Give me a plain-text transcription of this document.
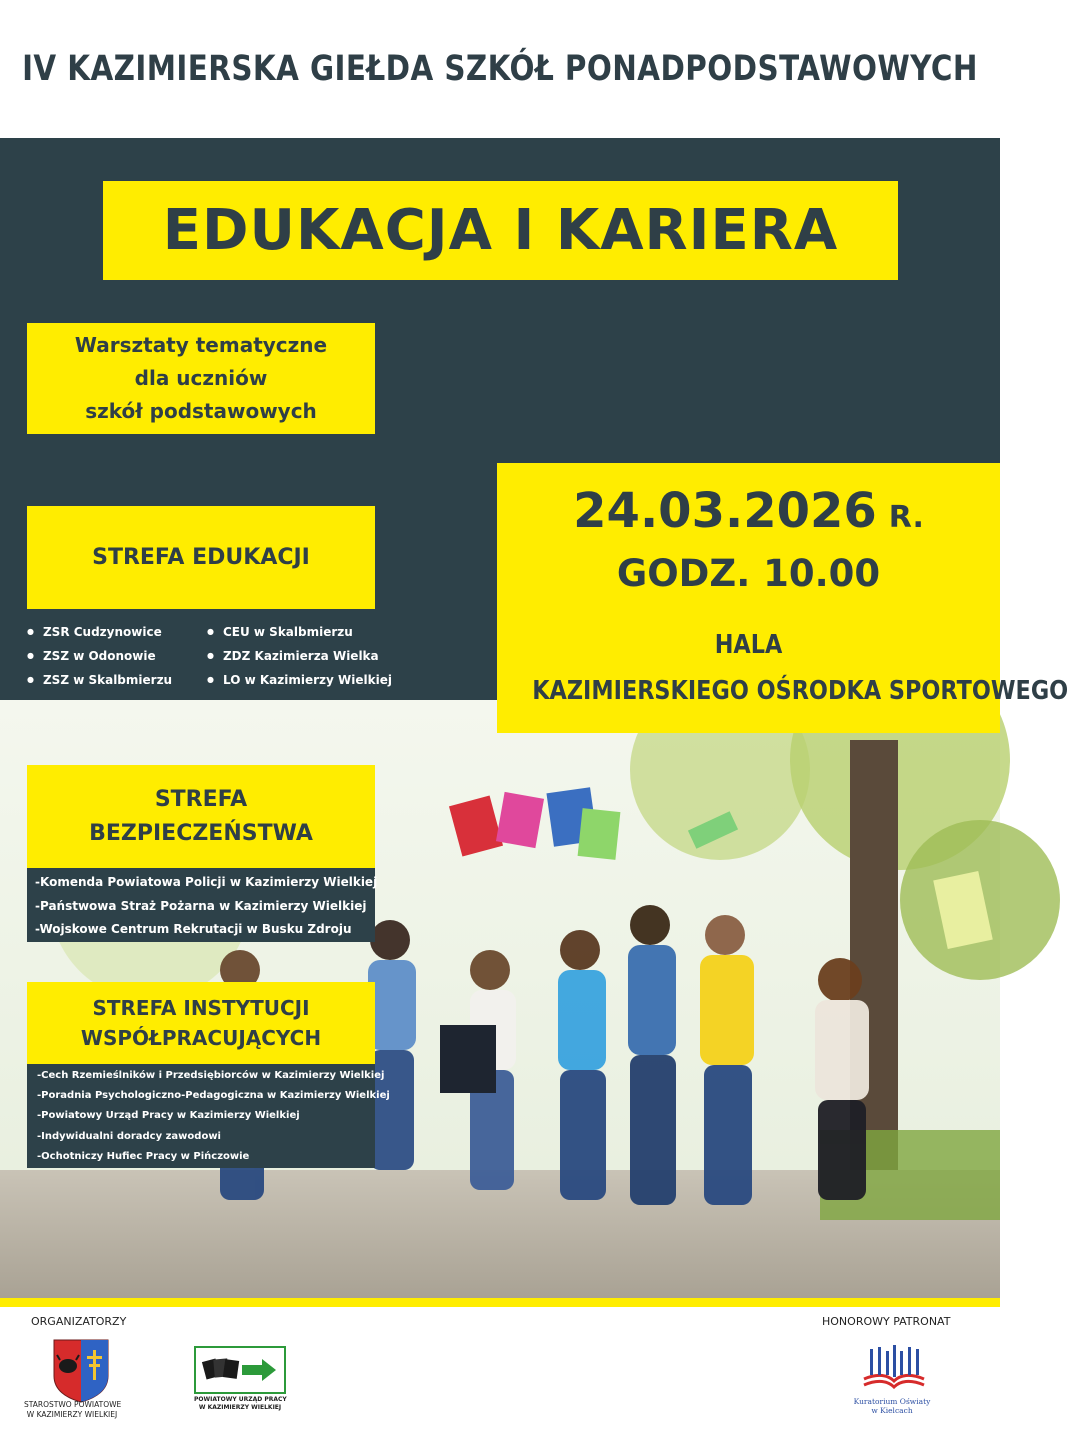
IV KAZIMIERSKA GIEŁDA SZKÓŁ PONADPODSTAWOWYCH
EDUKACJA I KARIERA
Warsztaty tematyczne
dla uczniów
szkół podstawowych
24.03.2026 R.
GODZ. 10.00
HALA
KAZIMIERSKIEGO OŚRODKA SPORTOWEGO
STREFA EDUKACJI
● ZSR Cudzynowice
● ZSZ w Odonowie
● ZSZ w Skalbmierzu
● CEU w Skalbmierzu
● ZDZ Kazimierza Wielka
● LO w Kazimierzy Wielkiej
STREFA
BEZPIECZEŃSTWA
-Komenda Powiatowa Policji w Kazimierzy Wielkiej
-Państwowa Straż Pożarna w Kazimierzy Wielkiej
-Wojskowe Centrum Rekrutacji w Busku Zdroju
STREFA INSTYTUCJI
WSPÓŁPRACUJĄCYCH
-Cech Rzemieślników i Przedsiębiorców w Kazimierzy Wielkiej
-Poradnia Psychologiczno-Pedagogiczna w Kazimierzy Wielkiej
-Powiatowy Urząd Pracy w Kazimierzy Wielkiej
-Indywidualni doradcy zawodowi
-Ochotniczy Hufiec Pracy w Pińczowie
ORGANIZATORZY	HONOROWY PATRONAT
STAROSTWO POWIATOWE
W KAZIMIERZY WIELKIEJ
POWIATOWY URZĄD PRACY
W KAZIMIERZY WIELKIEJ
Kuratorium Oświaty
w Kielcach
